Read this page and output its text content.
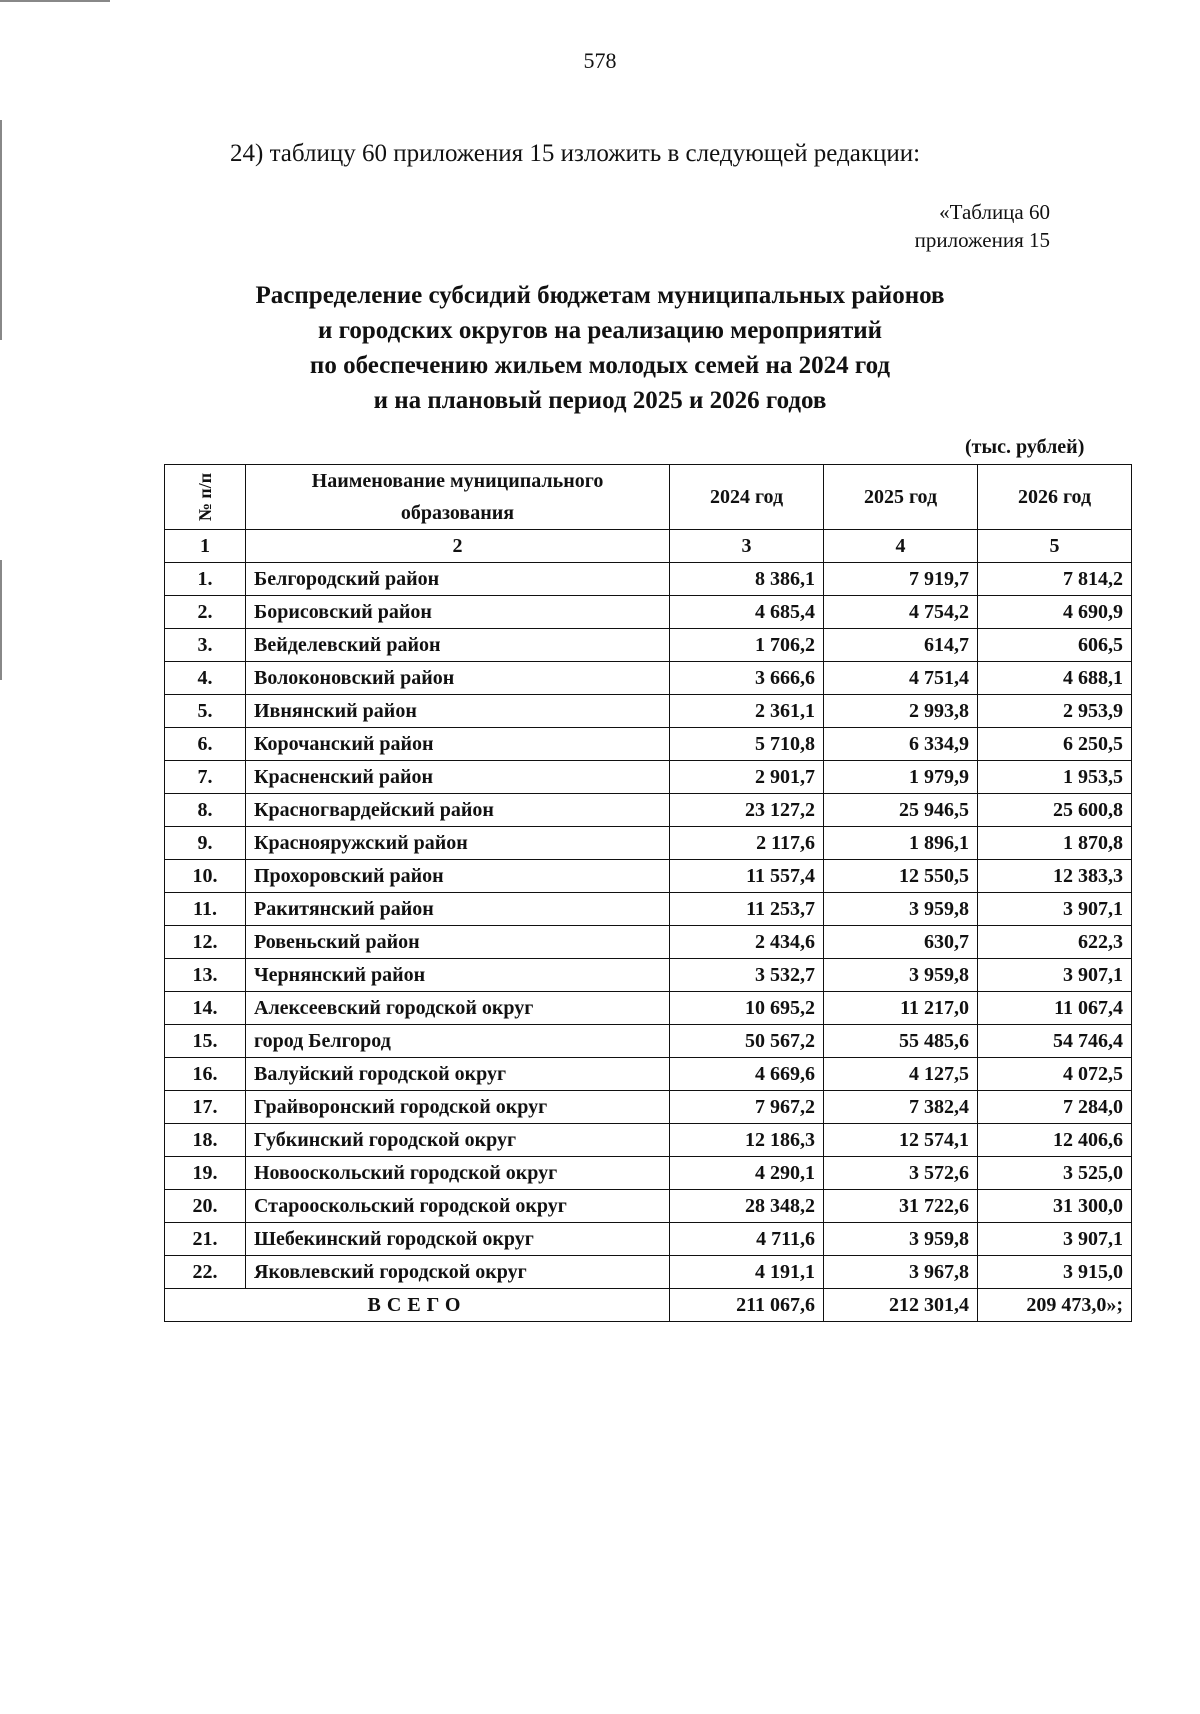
578
24) таблицу 60 приложения 15 изложить в следующей редакции:
«Таблица 60
приложения 15
Распределение субсидий бюджетам муниципальных районов
и городских округов на реализацию мероприятий
по обеспечению жильем молодых семей на 2024 год
и на плановый период 2025 и 2026 годов
(тыс. рублей)
№ п/п	Наименование муниципального образования	2024 год	2025 год	2026 год
1	2	3	4	5
1.	Белгородский район	8 386,1	7 919,7	7 814,2
2.	Борисовский район	4 685,4	4 754,2	4 690,9
3.	Вейделевский район	1 706,2	614,7	606,5
4.	Волоконовский район	3 666,6	4 751,4	4 688,1
5.	Ивнянский район	2 361,1	2 993,8	2 953,9
6.	Корочанский район	5 710,8	6 334,9	6 250,5
7.	Красненский район	2 901,7	1 979,9	1 953,5
8.	Красногвардейский район	23 127,2	25 946,5	25 600,8
9.	Краснояружский район	2 117,6	1 896,1	1 870,8
10.	Прохоровский район	11 557,4	12 550,5	12 383,3
11.	Ракитянский район	11 253,7	3 959,8	3 907,1
12.	Ровеньский район	2 434,6	630,7	622,3
13.	Чернянский район	3 532,7	3 959,8	3 907,1
14.	Алексеевский городской округ	10 695,2	11 217,0	11 067,4
15.	город Белгород	50 567,2	55 485,6	54 746,4
16.	Валуйский городской округ	4 669,6	4 127,5	4 072,5
17.	Грайворонский городской округ	7 967,2	7 382,4	7 284,0
18.	Губкинский городской округ	12 186,3	12 574,1	12 406,6
19.	Новооскольский городской округ	4 290,1	3 572,6	3 525,0
20.	Старооскольский городской округ	28 348,2	31 722,6	31 300,0
21.	Шебекинский городской округ	4 711,6	3 959,8	3 907,1
22.	Яковлевский городской округ	4 191,1	3 967,8	3 915,0
ВСЕГО		211 067,6	212 301,4	209 473,0»;
